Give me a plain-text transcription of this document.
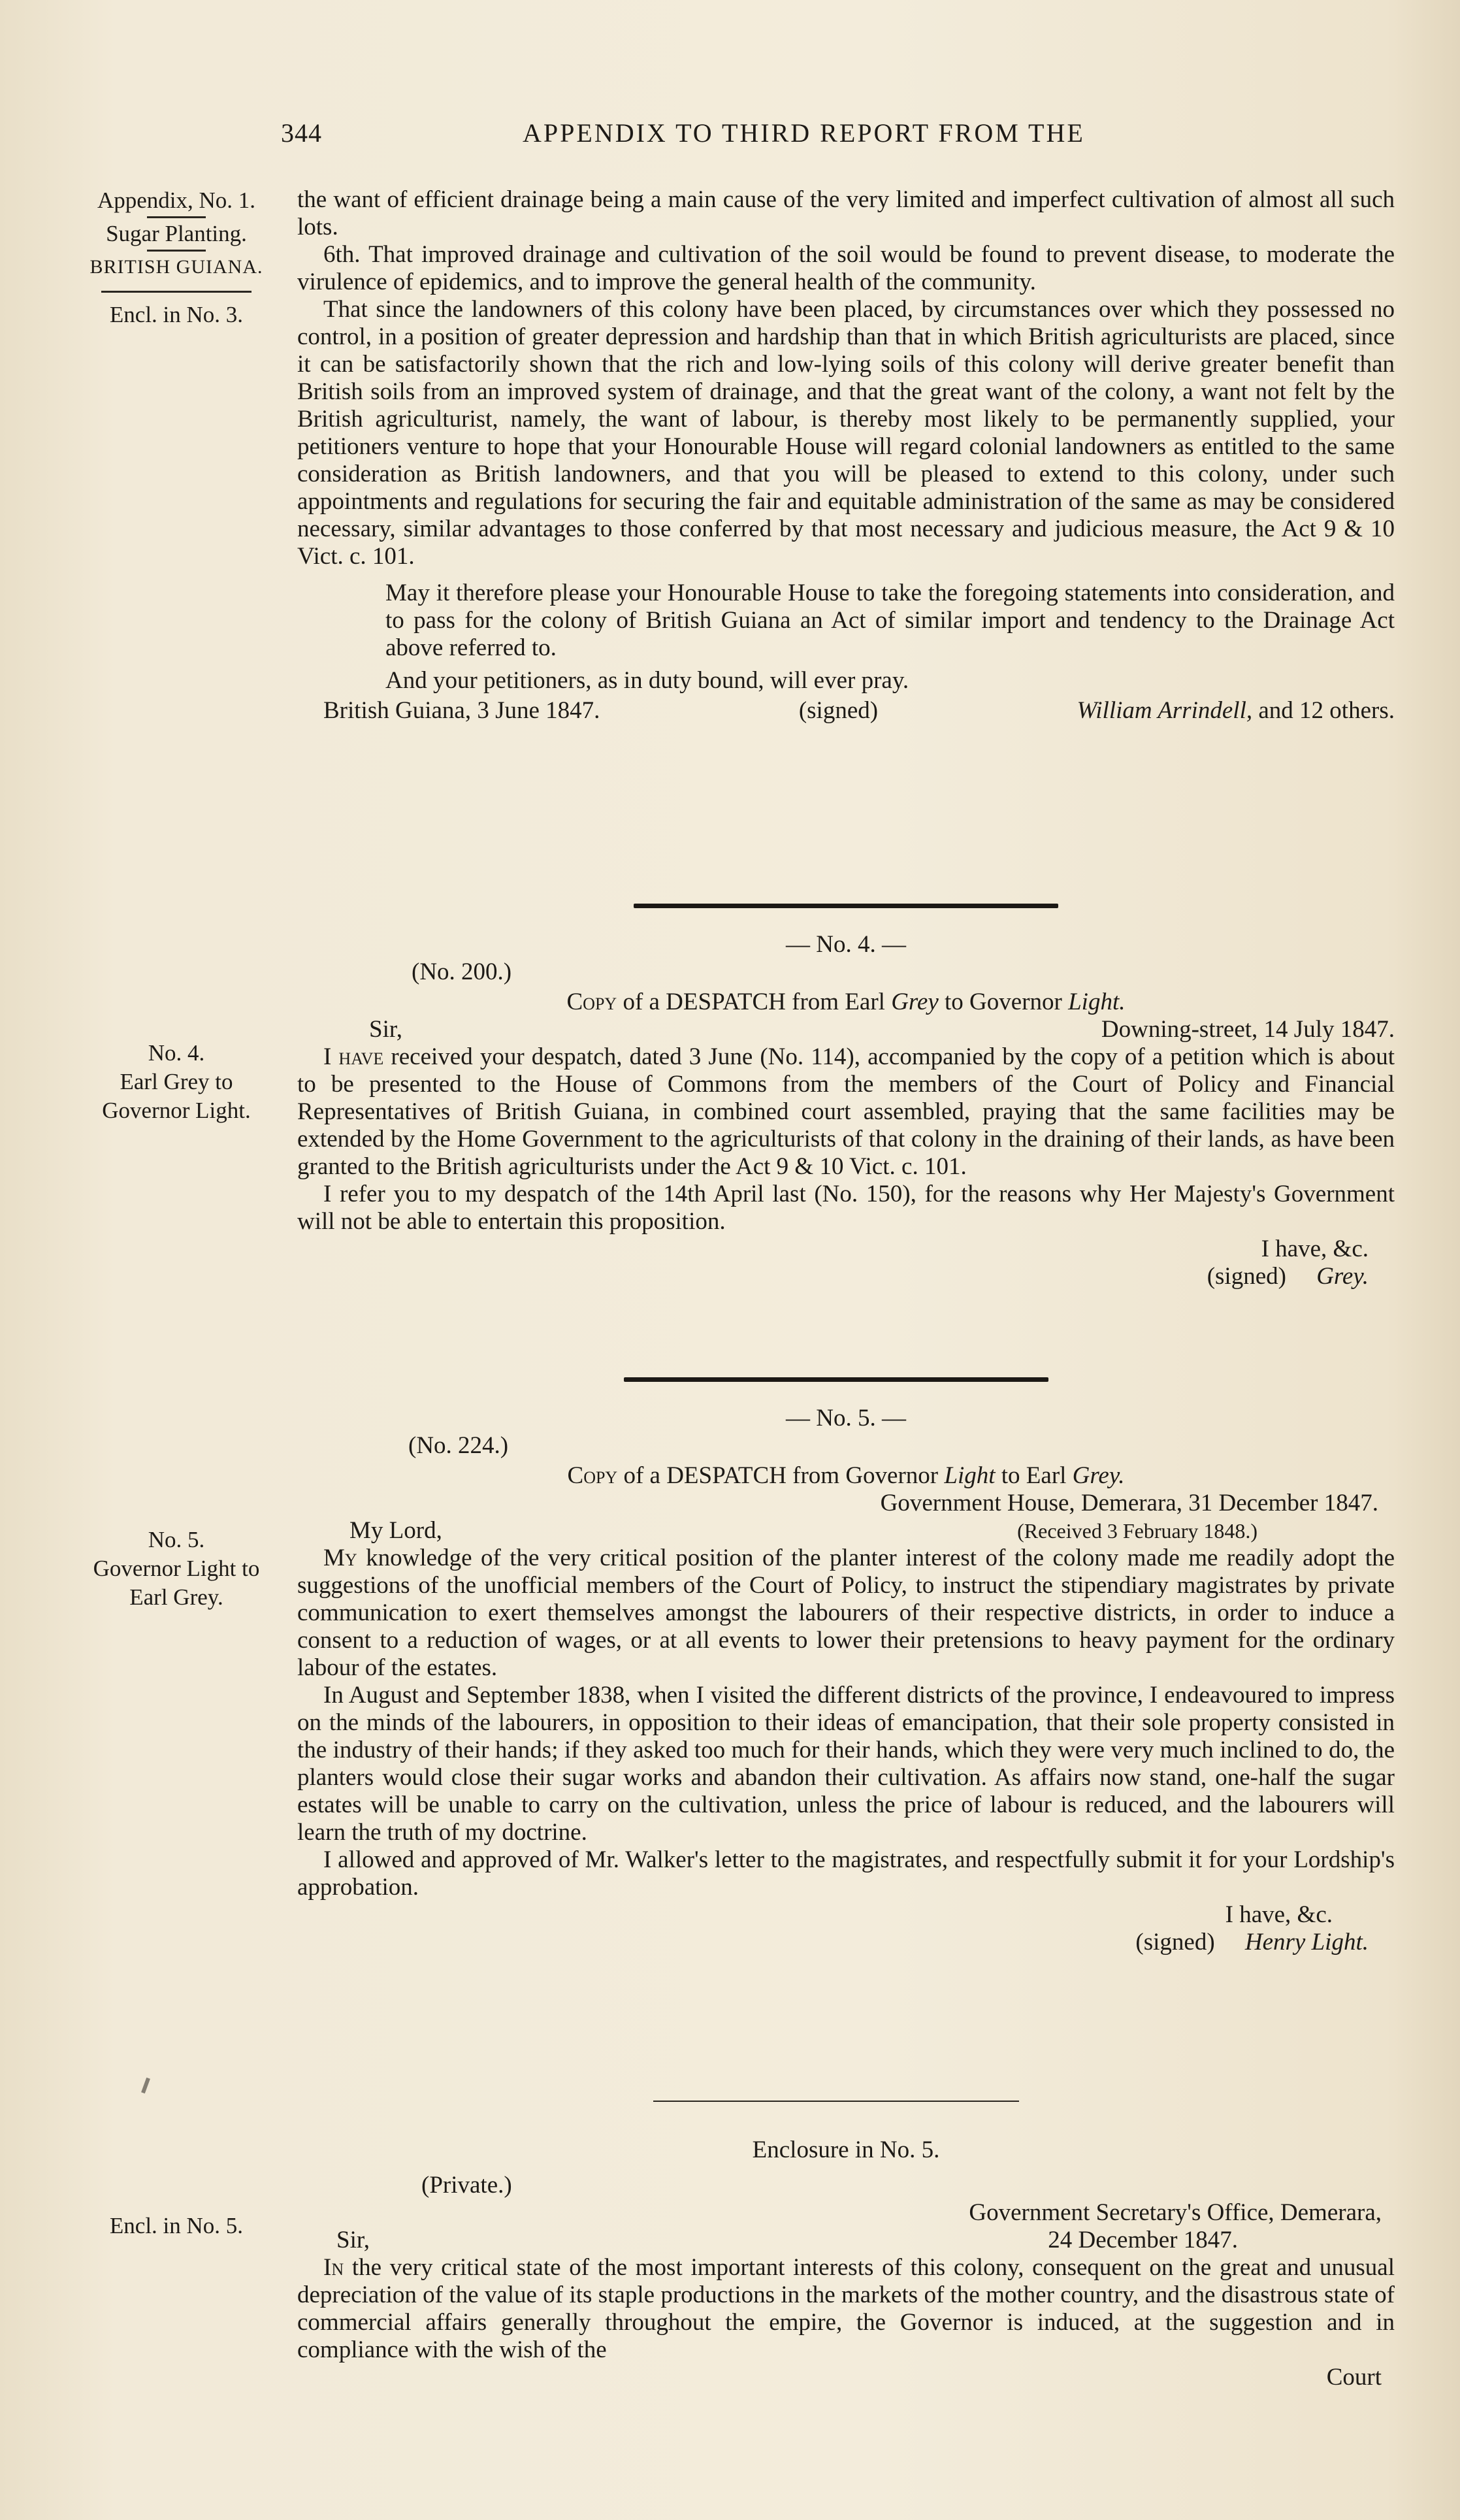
344	APPENDIX TO THIRD REPORT FROM THE
Appendix, No. 1.
Sugar Planting.
BRITISH GUIANA.
Encl. in No. 3.
No. 4.
Earl Grey to
Governor Light.
No. 5.
Governor Light to
Earl Grey.
Encl. in No. 5.

the want of efficient drainage being a main cause of the very limited and imperfect cultivation of almost all such lots.

6th. That improved drainage and cultivation of the soil would be found to prevent disease, to moderate the virulence of epidemics, and to improve the general health of the community.

That since the landowners of this colony have been placed, by circumstances over which they possessed no control, in a position of greater depression and hardship than that in which British agriculturists are placed, since it can be satisfactorily shown that the rich and low-lying soils of this colony will derive greater benefit than British soils from an improved system of drainage, and that the great want of the colony, a want not felt by the British agriculturist, namely, the want of labour, is thereby most likely to be permanently supplied, your petitioners venture to hope that your Honourable House will regard colonial landowners as entitled to the same consideration as British landowners, and that you will be pleased to extend to this colony, under such appointments and regulations for securing the fair and equitable administration of the same as may be considered necessary, similar advantages to those conferred by that most necessary and judicious measure, the Act 9 & 10 Vict. c. 101.

May it therefore please your Honourable House to take the foregoing statements into consideration, and to pass for the colony of British Guiana an Act of similar import and tendency to the Drainage Act above referred to.

And your petitioners, as in duty bound, will ever pray.

British Guiana, 3 June 1847.	(signed)	William Arrindell, and 12 others.

— No. 4. —

(No. 200.)

Copy of a DESPATCH from Earl Grey to Governor Light.

Sir,	Downing-street, 14 July 1847.

I have received your despatch, dated 3 June (No. 114), accompanied by the copy of a petition which is about to be presented to the House of Commons from the members of the Court of Policy and Financial Representatives of British Guiana, in combined court assembled, praying that the same facilities may be extended by the Home Government to the agriculturists of that colony in the draining of their lands, as have been granted to the British agriculturists under the Act 9 & 10 Vict. c. 101.

I refer you to my despatch of the 14th April last (No. 150), for the reasons why Her Majesty's Government will not be able to entertain this proposition.

I have, &c.

(signed) Grey.

— No. 5. —

(No. 224.)

Copy of a DESPATCH from Governor Light to Earl Grey.

Government House, Demerara, 31 December 1847.

My Lord,	(Received 3 February 1848.)

My knowledge of the very critical position of the planter interest of the colony made me readily adopt the suggestions of the unofficial members of the Court of Policy, to instruct the stipendiary magistrates by private communication to exert themselves amongst the labourers of their respective districts, in order to induce a consent to a reduction of wages, or at all events to lower their pretensions to heavy payment for the ordinary labour of the estates.

In August and September 1838, when I visited the different districts of the province, I endeavoured to impress on the minds of the labourers, in opposition to their ideas of emancipation, that their sole property consisted in the industry of their hands; if they asked too much for their hands, which they were very much inclined to do, the planters would close their sugar works and abandon their cultivation. As affairs now stand, one-half the sugar estates will be unable to carry on the cultivation, unless the price of labour is reduced, and the labourers will learn the truth of my doctrine.

I allowed and approved of Mr. Walker's letter to the magistrates, and respectfully submit it for your Lordship's approbation.

I have, &c.

(signed) Henry Light.

Enclosure in No. 5.

(Private.)

Government Secretary's Office, Demerara,

Sir,	24 December 1847.

In the very critical state of the most important interests of this colony, consequent on the great and unusual depreciation of the value of its staple productions in the markets of the mother country, and the disastrous state of commercial affairs generally throughout the empire, the Governor is induced, at the suggestion and in compliance with the wish of the

Court
